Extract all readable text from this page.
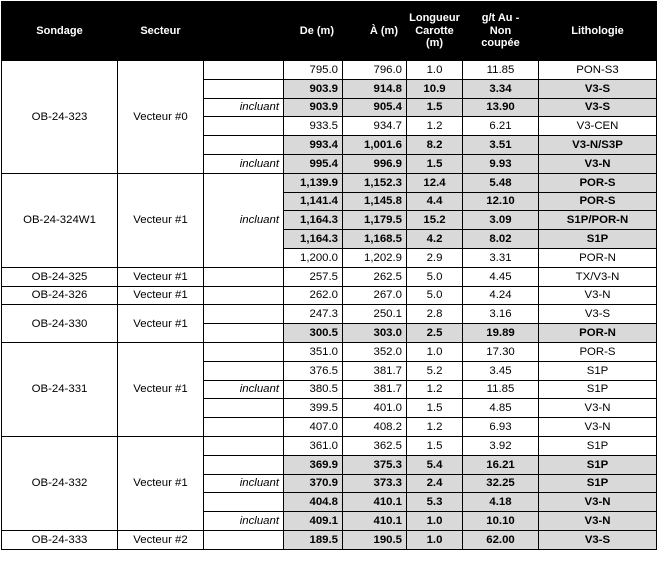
Sondage	Secteur		De (m)	À (m)	Longueur
Carotte
(m)	g/t Au -
Non
coupée	Lithologie
OB-24-323	Vecteur #0		795.0	796.0	1.0	11.85	PON-S3
			903.9	914.8	10.9	3.34	V3-S
		incluant	903.9	905.4	1.5	13.90	V3-S
			933.5	934.7	1.2	6.21	V3-CEN
			993.4	1,001.6	8.2	3.51	V3-N/S3P
		incluant	995.4	996.9	1.5	9.93	V3-N
OB-24-324W1	Vecteur #1	incluant	1,139.9	1,152.3	12.4	5.48	POR-S
			1,141.4	1,145.8	4.4	12.10	POR-S
			1,164.3	1,179.5	15.2	3.09	S1P/POR-N
			1,164.3	1,168.5	4.2	8.02	S1P
			1,200.0	1,202.9	2.9	3.31	POR-N
OB-24-325	Vecteur #1		257.5	262.5	5.0	4.45	TX/V3-N
OB-24-326	Vecteur #1		262.0	267.0	5.0	4.24	V3-N
OB-24-330	Vecteur #1		247.3	250.1	2.8	3.16	V3-S
			300.5	303.0	2.5	19.89	POR-N
OB-24-331	Vecteur #1		351.0	352.0	1.0	17.30	POR-S
			376.5	381.7	5.2	3.45	S1P
		incluant	380.5	381.7	1.2	11.85	S1P
			399.5	401.0	1.5	4.85	V3-N
			407.0	408.2	1.2	6.93	V3-N
OB-24-332	Vecteur #1		361.0	362.5	1.5	3.92	S1P
			369.9	375.3	5.4	16.21	S1P
		incluant	370.9	373.3	2.4	32.25	S1P
			404.8	410.1	5.3	4.18	V3-N
		incluant	409.1	410.1	1.0	10.10	V3-N
OB-24-333	Vecteur #2		189.5	190.5	1.0	62.00	V3-S
